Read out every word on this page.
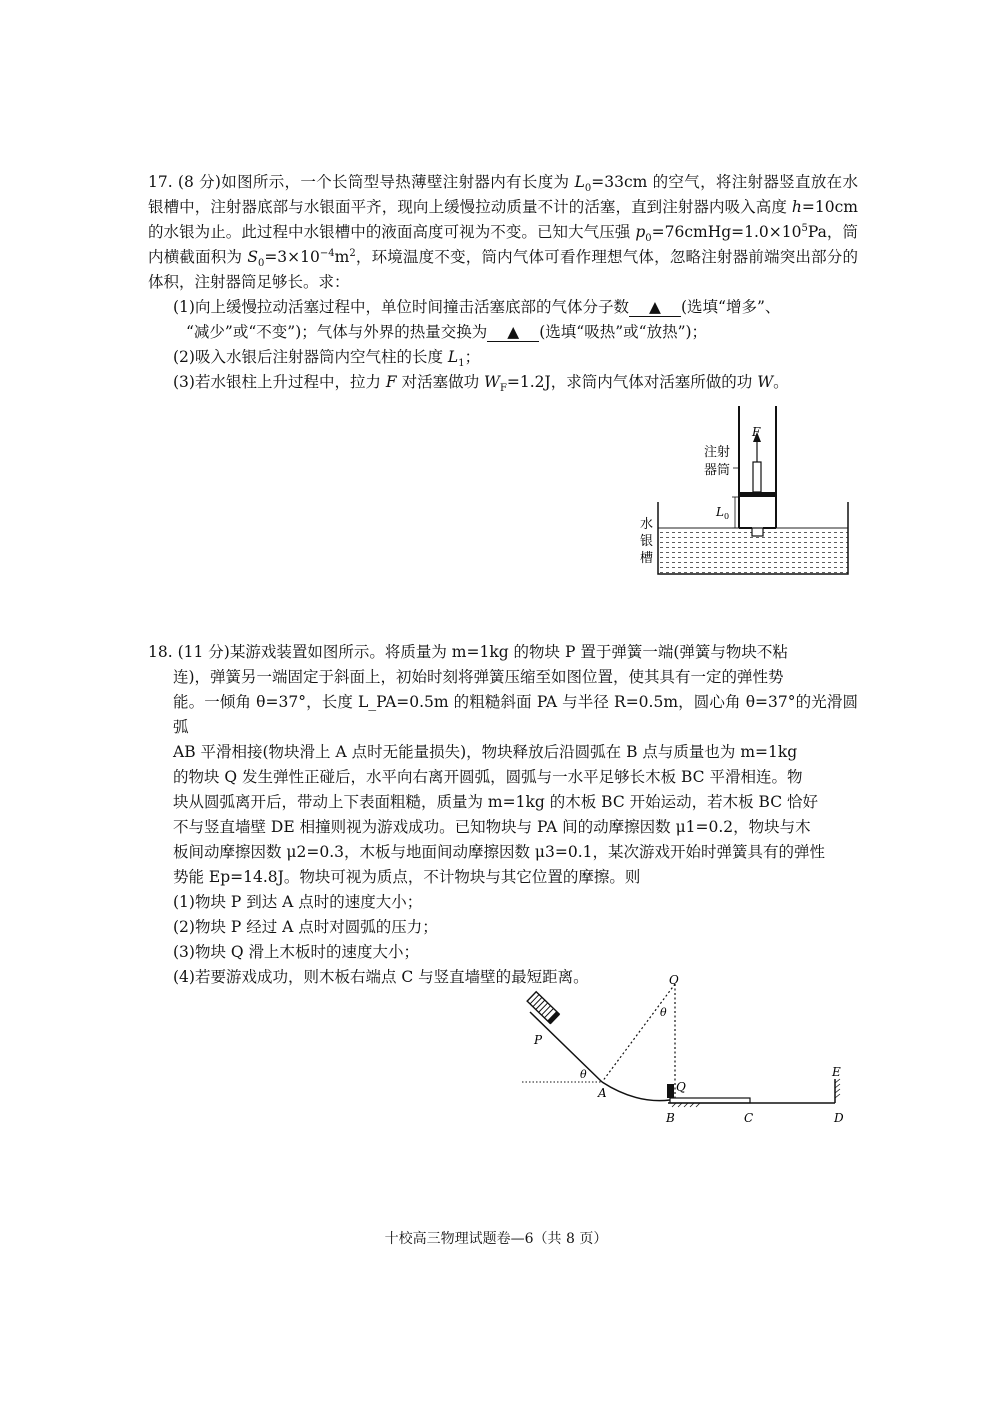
17. (8 分)如图所示，一个长筒型导热薄壁注射器内有长度为 $L_0=33cm$ 的空气，将注射器竖直放在水银槽中，注射器底部与水银面平齐，现向上缓慢拉动质量不计的活塞，直到注射器内吸入高度 h=10cm 的水银为止。此过程中水银槽中的液面高度可视为不变。已知大气压强 $p_0=76cmHg=1.0\times 10^5Pa$，筒内横截面积为 $S_0=3\times 10^{-4}m^2$，环境温度不变，筒内气体可看作理想气体，忽略注射器前端突出部分的体积，注射器筒足够长。求：

(1)向上缓慢拉动活塞过程中，单位时间撞击活塞底部的气体分子数 ▲ (选填“增多”、

“减少”或“不变”)；气体与外界的热量交换为 ▲ (选填“吸热”或“放热”)；

(2)吸入水银后注射器筒内空气柱的长度 $L_1$；

(3)若水银柱上升过程中，拉力 F 对活塞做功 $W_F=1.2J$，求筒内气体对活塞所做的功 W。

F
$L_0$
注射
器筒
水
银
槽

18. (11 分)某游戏装置如图所示。将质量为 m=1kg 的物块 P 置于弹簧一端(弹簧与物块不粘

连)，弹簧另一端固定于斜面上，初始时刻将弹簧压缩至如图位置，使其具有一定的弹性势

能。一倾角 θ=37°，长度 L_PA=0.5m 的粗糙斜面 PA 与半径 R=0.5m，圆心角 θ=37°的光滑圆弧

AB 平滑相接(物块滑上 A 点时无能量损失)，物块释放后沿圆弧在 B 点与质量也为 m=1kg

的物块 Q 发生弹性正碰后，水平向右离开圆弧，圆弧与一水平足够长木板 BC 平滑相连。物

块从圆弧离开后，带动上下表面粗糙，质量为 m=1kg 的木板 BC 开始运动，若木板 BC 恰好

不与竖直墙壁 DE 相撞则视为游戏成功。已知物块与 PA 间的动摩擦因数 μ1=0.2，物块与木

板间动摩擦因数 μ2=0.3，木板与地面间动摩擦因数 μ3=0.1，某次游戏开始时弹簧具有的弹性

势能 Ep=14.8J。物块可视为质点，不计物块与其它位置的摩擦。则

(1)物块 P 到达 A 点时的速度大小；

(2)物块 P 经过 A 点时对圆弧的压力；

(3)物块 Q 滑上木板时的速度大小；

(4)若要游戏成功，则木板右端点 C 与竖直墙壁的最短距离。	O
θ
P
θ
A	Q
B	C	D
E
十校高三物理试题卷—6（共 8 页）
